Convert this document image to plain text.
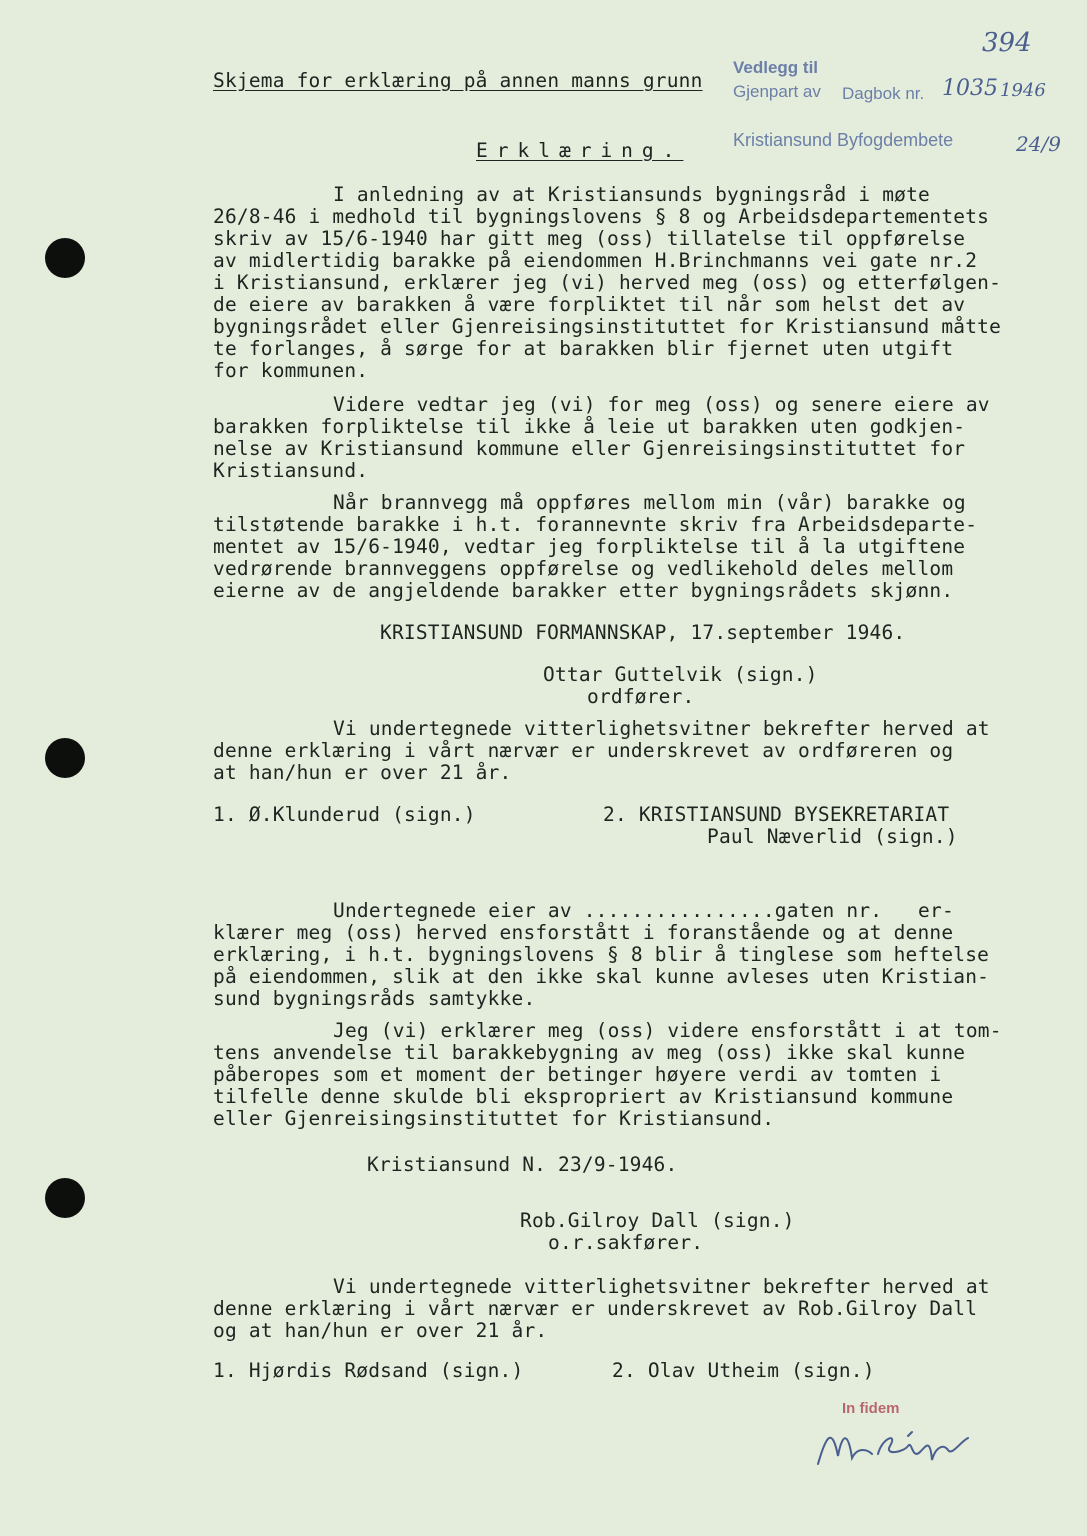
394
Skjema for erklæring på annen manns grunn
Vedlegg til
Gjenpart av Dagbok nr. 1035 1946
Kristiansund Byfogdembete	24/9
Erklæring.
I anledning av at Kristiansunds bygningsråd i møte
26/8-46 i medhold til bygningslovens § 8 og Arbeidsdepartementets
skriv av 15/6-1940 har gitt meg (oss) tillatelse til oppførelse
av midlertidig barakke på eiendommen H.Brinchmanns vei gate nr.2
i Kristiansund, erklærer jeg (vi) herved meg (oss) og etterfølgen-
de eiere av barakken å være forpliktet til når som helst det av
bygningsrådet eller Gjenreisingsinstituttet for Kristiansund måtte
te forlanges, å sørge for at barakken blir fjernet uten utgift
for kommunen.
Videre vedtar jeg (vi) for meg (oss) og senere eiere av
barakken forpliktelse til ikke å leie ut barakken uten godkjen-
nelse av Kristiansund kommune eller Gjenreisingsinstituttet for
Kristiansund.
Når brannvegg må oppføres mellom min (vår) barakke og
tilstøtende barakke i h.t. forannevnte skriv fra Arbeidsdeparte-
mentet av 15/6-1940, vedtar jeg forpliktelse til å la utgiftene
vedrørende brannveggens oppførelse og vedlikehold deles mellom
eierne av de angjeldende barakker etter bygningsrådets skjønn.
KRISTIANSUND FORMANNSKAP, 17.september 1946.
Ottar Guttelvik (sign.)
ordfører.
Vi undertegnede vitterlighetsvitner bekrefter herved at
denne erklæring i vårt nærvær er underskrevet av ordføreren og
at han/hun er over 21 år.
1. Ø.Klunderud (sign.)	2. KRISTIANSUND BYSEKRETARIAT
Paul Næverlid (sign.)
Undertegnede eier av ................gaten nr.   er-
klærer meg (oss) herved ensforstått i foranstående og at denne
erklæring, i h.t. bygningslovens § 8 blir å tinglese som heftelse
på eiendommen, slik at den ikke skal kunne avleses uten Kristian-
sund bygningsråds samtykke.
Jeg (vi) erklærer meg (oss) videre ensforstått i at tom-
tens anvendelse til barakkebygning av meg (oss) ikke skal kunne
påberopes som et moment der betinger høyere verdi av tomten i
tilfelle denne skulde bli ekspropriert av Kristiansund kommune
eller Gjenreisingsinstituttet for Kristiansund.
Kristiansund N. 23/9-1946.
Rob.Gilroy Dall (sign.)
o.r.sakfører.
Vi undertegnede vitterlighetsvitner bekrefter herved at
denne erklæring i vårt nærvær er underskrevet av Rob.Gilroy Dall
og at han/hun er over 21 år.
1. Hjørdis Rødsand (sign.)	2. Olav Utheim (sign.)
In fidem
